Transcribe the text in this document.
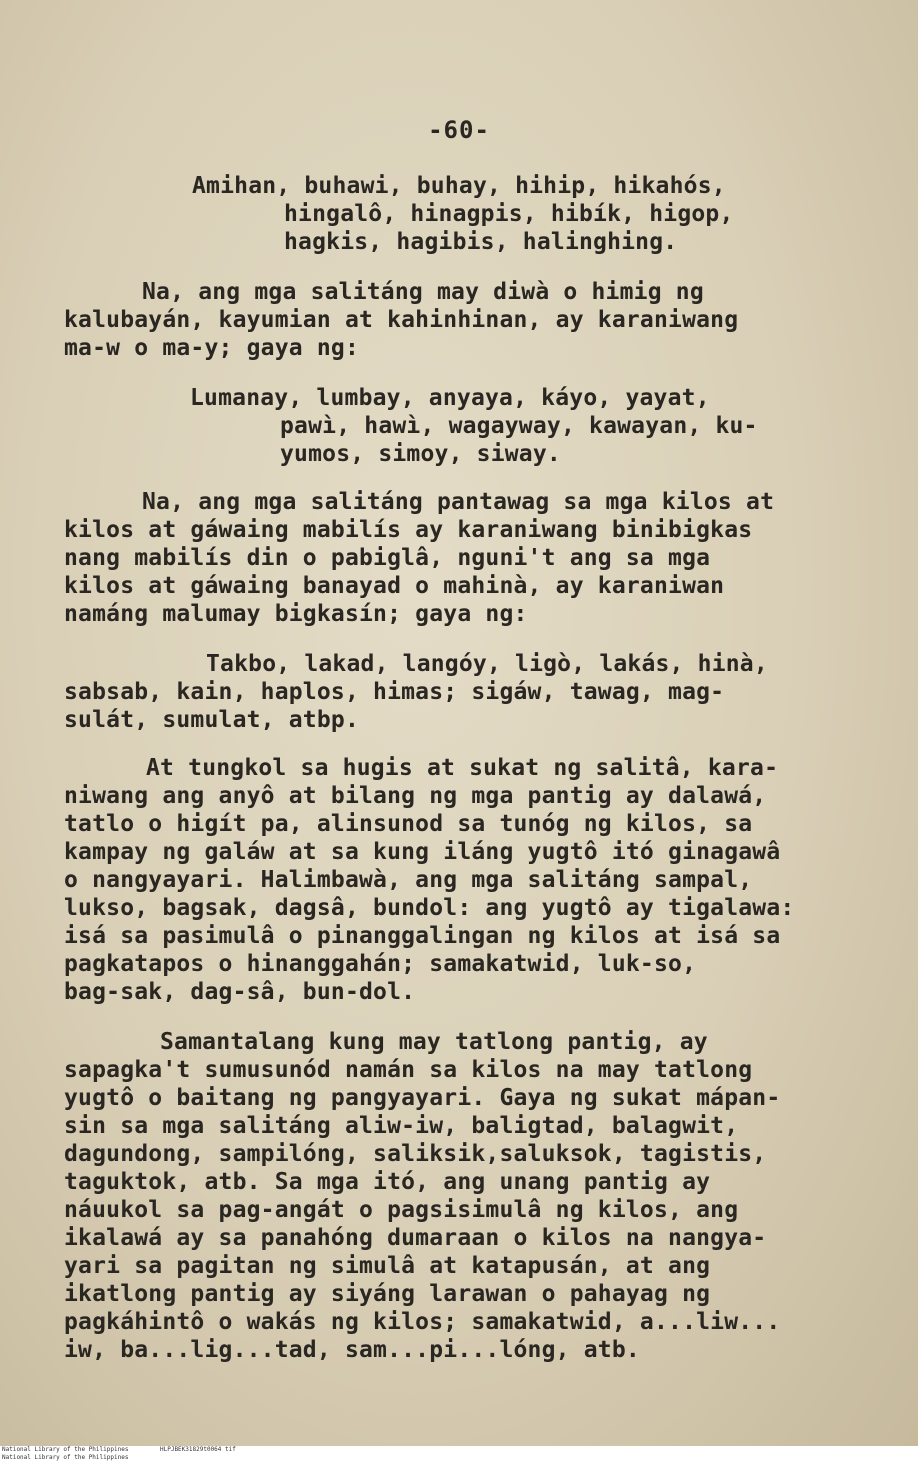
-60-
Amihan, buhawi, buhay, hihip, hikahós,
hingalô, hinagpis, hibík, higop,
hagkis, hagibis, halinghing.
Na, ang mga salitáng may diwà o himig ng
kalubayán, kayumian at kahinhinan, ay karaniwang
ma-w o ma-y; gaya ng:
Lumanay, lumbay, anyaya, káyo, yayat,
pawì, hawì, wagayway, kawayan, ku-
yumos, simoy, siway.
Na, ang mga salitáng pantawag sa mga kilos at
kilos at gáwaing mabilís ay karaniwang binibigkas
nang mabilís din o pabiglâ, nguni't ang sa mga
kilos at gáwaing banayad o mahinà, ay karaniwan
namáng malumay bigkasín; gaya ng:
Takbo, lakad, langóy, ligò, lakás, hinà,
sabsab, kain, haplos, himas; sigáw, tawag, mag-
sulát, sumulat, atbp.
At tungkol sa hugis at sukat ng salitâ, kara-
niwang ang anyô at bilang ng mga pantig ay dalawá,
tatlo o higít pa, alinsunod sa tunóg ng kilos, sa
kampay ng galáw at sa kung iláng yugtô itó ginagawâ
o nangyayari. Halimbawà, ang mga salitáng sampal,
lukso, bagsak, dagsâ, bundol: ang yugtô ay tigalawa:
isá sa pasimulâ o pinanggalingan ng kilos at isá sa
pagkatapos o hinanggahán; samakatwid, luk-so,
bag-sak, dag-sâ, bun-dol.
Samantalang kung may tatlong pantig, ay
sapagka't sumusunód namán sa kilos na may tatlong
yugtô o baitang ng pangyayari. Gaya ng sukat mápan-
sin sa mga salitáng aliw-iw, baligtad, balagwit,
dagundong, sampilóng, saliksik,saluksok, tagistis,
taguktok, atb. Sa mga itó, ang unang pantig ay
náuukol sa pag-angát o pagsisimulâ ng kilos, ang
ikalawá ay sa panahóng dumaraan o kilos na nangya-
yari sa pagitan ng simulâ at katapusán, at ang
ikatlong pantig ay siyáng larawan o pahayag ng
pagkáhintô o wakás ng kilos; samakatwid, a...liw...
iw, ba...lig...tad, sam...pi...lóng, atb.
National Library of the Philippines	HLPJBEK31829t0064 tif
National Library of the Philippines
